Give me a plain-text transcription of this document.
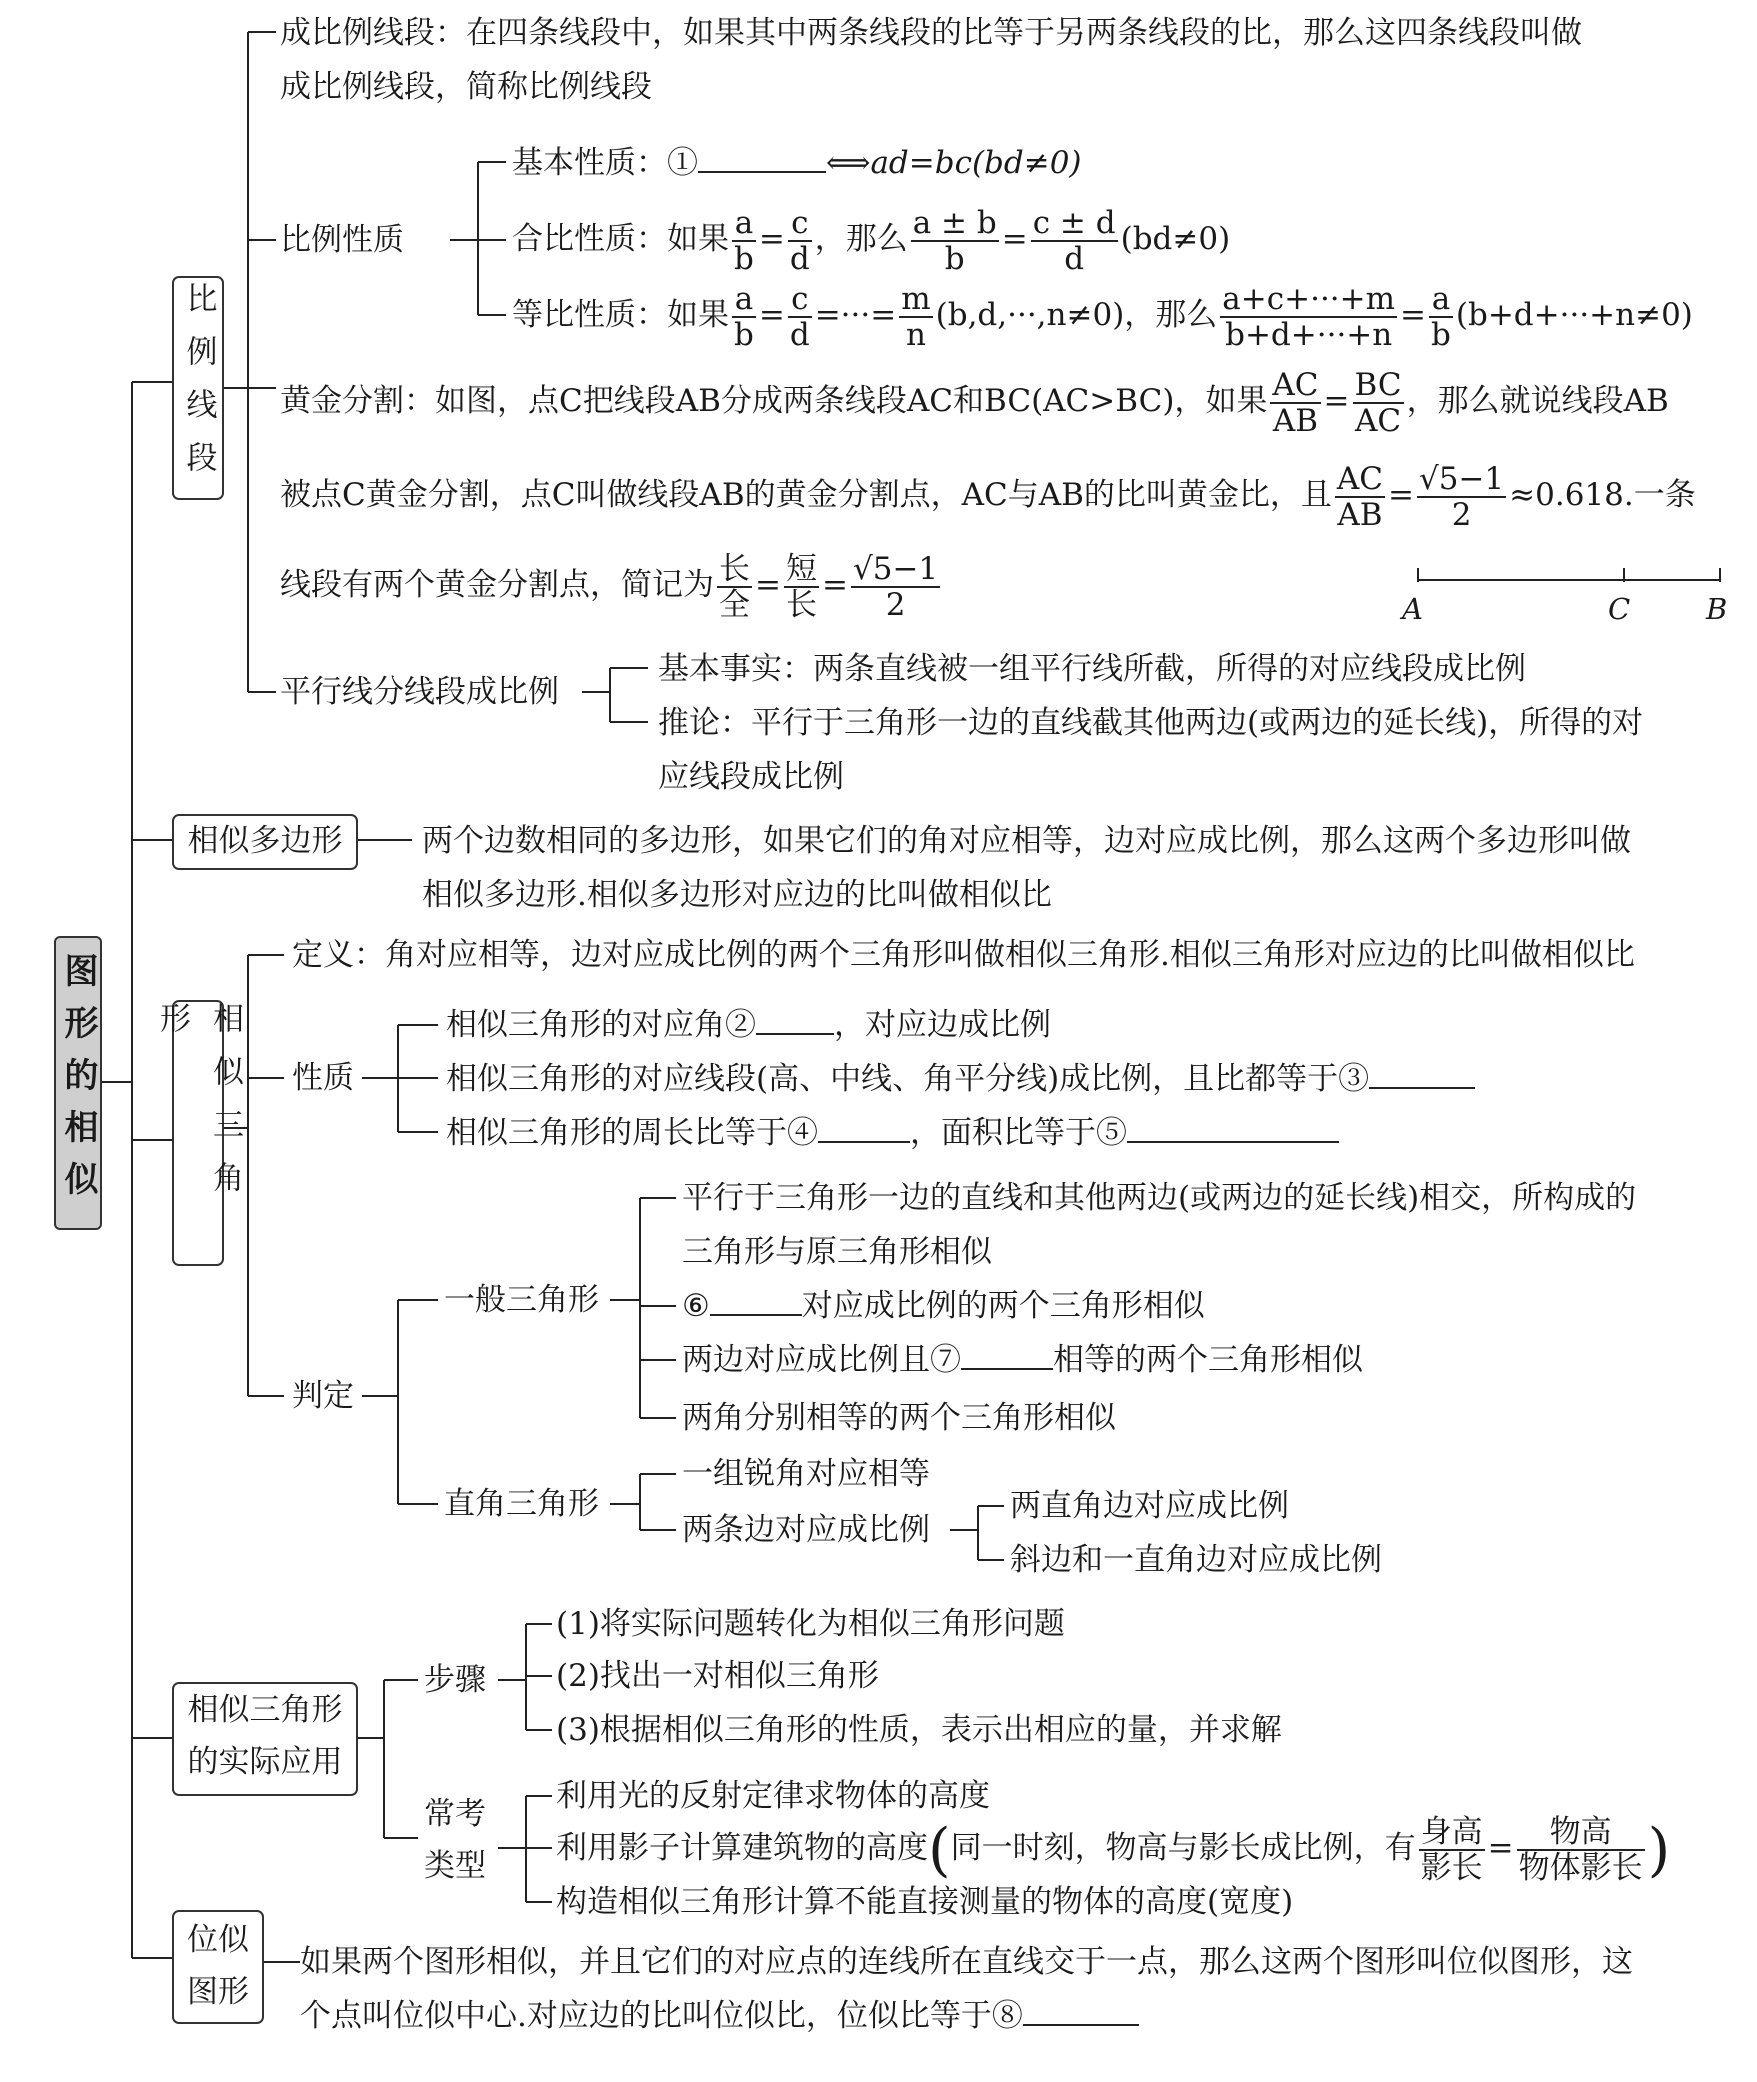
图形的相似
比例线段
成比例线段：在四条线段中，如果其中两条线段的比等于另两条线段的比，那么这四条线段叫做
成比例线段，简称比例线段
比例性质
基本性质：①	⟺ad=bc(bd≠0)
合比性质：如果 $\frac{a}{b} = \frac{c}{d}$ ，那么 $\frac{a \pm b}{b} = \frac{c \pm d}{d} (bd\ne 0)$
等比性质：如果 $\frac{a}{b} = \frac{c}{d}$ =···= $\frac{m}{n} (b,d,\cdot\cdot\cdot,n\ne 0)$，那么 $\frac{a+c+\cdot\cdot\cdot+m}{b+d+\cdot\cdot\cdot+n} = \frac{a}{b} (b+d+\cdot\cdot\cdot+n\ne 0)$
黄金分割：如图，点C把线段AB分成两条线段AC和BC(AC>BC)，如果 $\frac{AC}{AB} = \frac{BC}{AC}$ ，那么就说线段AB
被点C黄金分割，点C叫做线段AB的黄金分割点，AC与AB的比叫黄金比，且 $\frac{AC}{AB} = \frac{√5-1}{2} \approx 0.618$.一条
线段有两个黄金分割点，简记为 长
全
= 短
长
= $\frac{√5-1}{2}$	A	C	B
平行线分线段成比例
基本事实：两条直线被一组平行线所截，所得的对应线段成比例
推论：平行于三角形一边的直线截其他两边(或两边的延长线)，所得的对
应线段成比例
相似多边形	两个边数相同的多边形，如果它们的角对应相等，边对应成比例，那么这两个多边形叫做
相似多边形.相似多边形对应边的比叫做相似比
相似三角形
定义：角对应相等，边对应成比例的两个三角形叫做相似三角形.相似三角形对应边的比叫做相似比
性质
相似三角形的对应角②	，对应边成比例
相似三角形的对应线段(高、中线、角平分线)成比例，且比都等于③
相似三角形的周长比等于④	，面积比等于⑤
判定
一般三角形
平行于三角形一边的直线和其他两边(或两边的延长线)相交，所构成的
三角形与原三角形相似
⑥	对应成比例的两个三角形相似
两边对应成比例且⑦	相等的两个三角形相似
两角分别相等的两个三角形相似
直角三角形
一组锐角对应相等
两条边对应成比例
两直角边对应成比例
斜边和一直角边对应成比例
相似三角形
的实际应用
步骤
(1)将实际问题转化为相似三角形问题
(2)找出一对相似三角形
(3)根据相似三角形的性质，表示出相应的量，并求解
常考
类型
利用光的反射定律求物体的高度
利用影子计算建筑物的高度(同一时刻，物高与影长成比例，有 身高
影长
=	物高
物体影长 )
构造相似三角形计算不能直接测量的物体的高度(宽度)
位似图形
如果两个图形相似，并且它们的对应点的连线所在直线交于一点，那么这两个图形叫位似图形，这
个点叫位似中心.对应边的比叫位似比，位似比等于⑧
